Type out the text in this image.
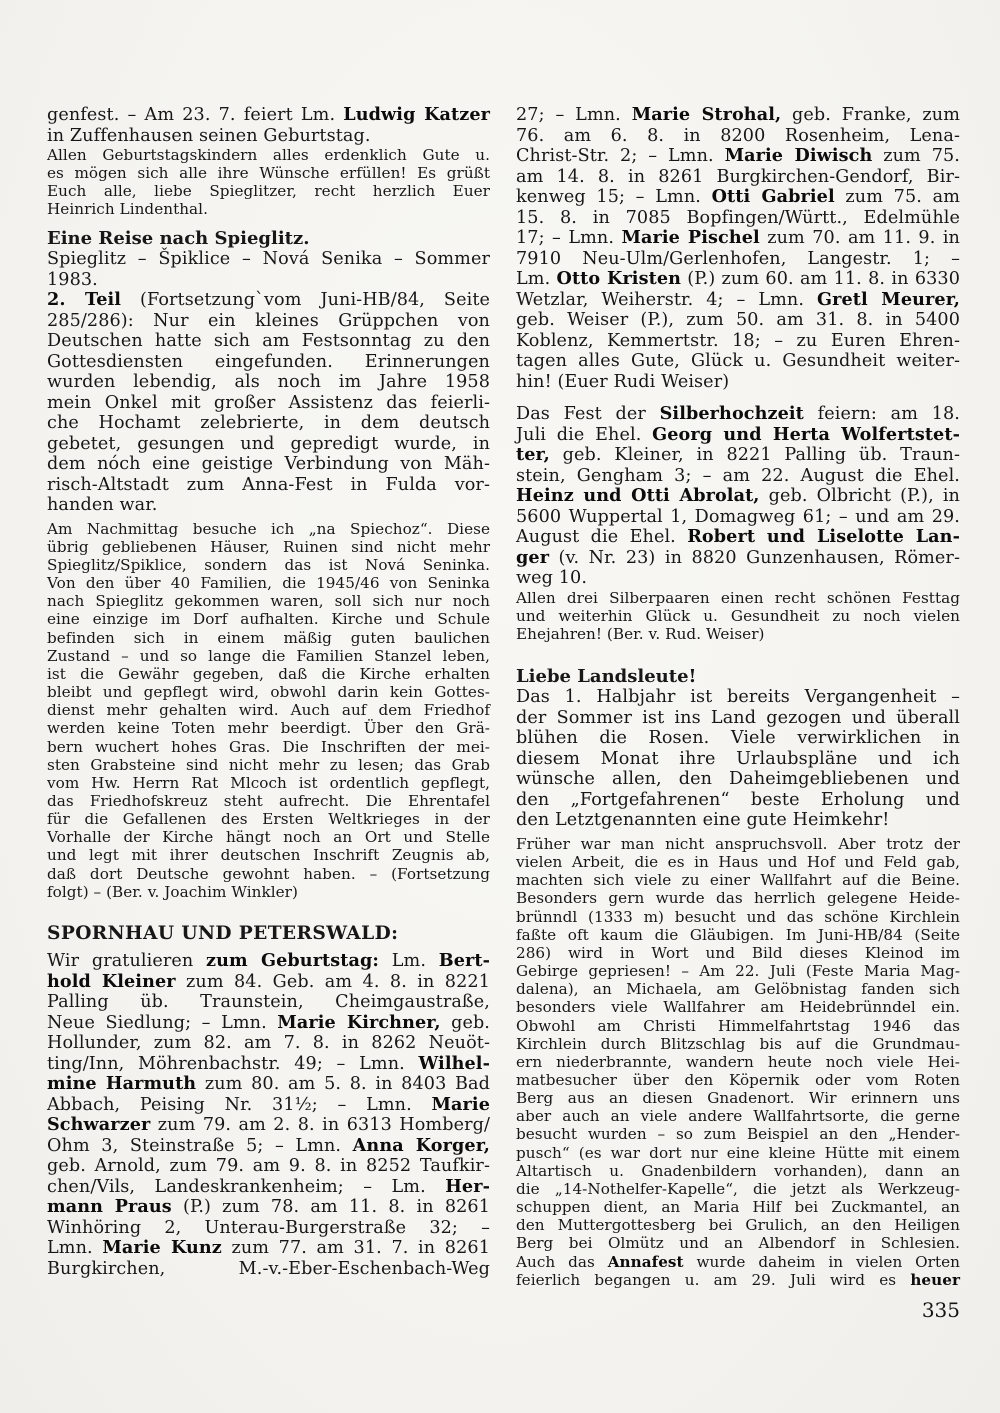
genfest. – Am 23. 7. feiert Lm. Ludwig Katzer
in Zuffenhausen seinen Geburtstag.
Allen Geburtstagskindern alles erdenklich Gute u.
es mögen sich alle ihre Wünsche erfüllen! Es grüßt
Euch alle, liebe Spieglitzer, recht herzlich Euer
Heinrich Lindenthal.
Eine Reise nach Spieglitz.
Spieglitz – Špiklice – Nová Senika – Sommer
1983.
2. Teil (Fortsetzung`vom Juni-HB/84, Seite
285/286): Nur ein kleines Grüppchen von
Deutschen hatte sich am Festsonntag zu den
Gottesdiensten eingefunden. Erinnerungen
wurden lebendig, als noch im Jahre 1958
mein Onkel mit großer Assistenz das feierli-
che Hochamt zelebrierte, in dem deutsch
gebetet, gesungen und gepredigt wurde, in
dem nóch eine geistige Verbindung von Mäh-
risch-Altstadt zum Anna-Fest in Fulda vor-
handen war.
Am Nachmittag besuche ich „na Spiechoz“. Diese
übrig gebliebenen Häuser, Ruinen sind nicht mehr
Spieglitz/Spiklice, sondern das ist Nová Seninka.
Von den über 40 Familien, die 1945/46 von Seninka
nach Spieglitz gekommen waren, soll sich nur noch
eine einzige im Dorf aufhalten. Kirche und Schule
befinden sich in einem mäßig guten baulichen
Zustand – und so lange die Familien Stanzel leben,
ist die Gewähr gegeben, daß die Kirche erhalten
bleibt und gepflegt wird, obwohl darin kein Gottes-
dienst mehr gehalten wird. Auch auf dem Friedhof
werden keine Toten mehr beerdigt. Über den Grä-
bern wuchert hohes Gras. Die Inschriften der mei-
sten Grabsteine sind nicht mehr zu lesen; das Grab
vom Hw. Herrn Rat Mlcoch ist ordentlich gepflegt,
das Friedhofskreuz steht aufrecht. Die Ehrentafel
für die Gefallenen des Ersten Weltkrieges in der
Vorhalle der Kirche hängt noch an Ort und Stelle
und legt mit ihrer deutschen Inschrift Zeugnis ab,
daß dort Deutsche gewohnt haben. – (Fortsetzung
folgt) – (Ber. v. Joachim Winkler)
SPORNHAU UND PETERSWALD:
Wir gratulieren zum Geburtstag: Lm. Bert-
hold Kleiner zum 84. Geb. am 4. 8. in 8221
Palling üb. Traunstein, Cheimgaustraße,
Neue Siedlung; – Lmn. Marie Kirchner, geb.
Hollunder, zum 82. am 7. 8. in 8262 Neuöt-
ting/Inn, Möhrenbachstr. 49; – Lmn. Wilhel-
mine Harmuth zum 80. am 5. 8. in 8403 Bad
Abbach, Peising Nr. 31½; – Lmn. Marie
Schwarzer zum 79. am 2. 8. in 6313 Homberg/
Ohm 3, Steinstraße 5; – Lmn. Anna Korger,
geb. Arnold, zum 79. am 9. 8. in 8252 Taufkir-
chen/Vils, Landeskrankenheim; – Lm. Her-
mann Praus (P.) zum 78. am 11. 8. in 8261
Winhöring 2, Unterau-Burgerstraße 32; –
Lmn. Marie Kunz zum 77. am 31. 7. in 8261
Burgkirchen, M.-v.-Eber-Eschenbach-Weg
27; – Lmn. Marie Strohal, geb. Franke, zum
76. am 6. 8. in 8200 Rosenheim, Lena-
Christ-Str. 2; – Lmn. Marie Diwisch zum 75.
am 14. 8. in 8261 Burgkirchen-Gendorf, Bir-
kenweg 15; – Lmn. Otti Gabriel zum 75. am
15. 8. in 7085 Bopfingen/Württ., Edelmühle
17; – Lmn. Marie Pischel zum 70. am 11. 9. in
7910 Neu-Ulm/Gerlenhofen, Langestr. 1; –
Lm. Otto Kristen (P.) zum 60. am 11. 8. in 6330
Wetzlar, Weiherstr. 4; – Lmn. Gretl Meurer,
geb. Weiser (P.), zum 50. am 31. 8. in 5400
Koblenz, Kemmertstr. 18; – zu Euren Ehren-
tagen alles Gute, Glück u. Gesundheit weiter-
hin! (Euer Rudi Weiser)
Das Fest der Silberhochzeit feiern: am 18.
Juli die Ehel. Georg und Herta Wolfertstet-
ter, geb. Kleiner, in 8221 Palling üb. Traun-
stein, Gengham 3; – am 22. August die Ehel.
Heinz und Otti Abrolat, geb. Olbricht (P.), in
5600 Wuppertal 1, Domagweg 61; – und am 29.
August die Ehel. Robert und Liselotte Lan-
ger (v. Nr. 23) in 8820 Gunzenhausen, Römer-
weg 10.
Allen drei Silberpaaren einen recht schönen Festtag
und weiterhin Glück u. Gesundheit zu noch vielen
Ehejahren! (Ber. v. Rud. Weiser)
Liebe Landsleute!
Das 1. Halbjahr ist bereits Vergangenheit –
der Sommer ist ins Land gezogen und überall
blühen die Rosen. Viele verwirklichen in
diesem Monat ihre Urlaubspläne und ich
wünsche allen, den Daheimgebliebenen und
den „Fortgefahrenen“ beste Erholung und
den Letztgenannten eine gute Heimkehr!
Früher war man nicht anspruchsvoll. Aber trotz der
vielen Arbeit, die es in Haus und Hof und Feld gab,
machten sich viele zu einer Wallfahrt auf die Beine.
Besonders gern wurde das herrlich gelegene Heide-
brünndl (1333 m) besucht und das schöne Kirchlein
faßte oft kaum die Gläubigen. Im Juni-HB/84 (Seite
286) wird in Wort und Bild dieses Kleinod im
Gebirge gepriesen! – Am 22. Juli (Feste Maria Mag-
dalena), an Michaela, am Gelöbnistag fanden sich
besonders viele Wallfahrer am Heidebrünndel ein.
Obwohl am Christi Himmelfahrtstag 1946 das
Kirchlein durch Blitzschlag bis auf die Grundmau-
ern niederbrannte, wandern heute noch viele Hei-
matbesucher über den Köpernik oder vom Roten
Berg aus an diesen Gnadenort. Wir erinnern uns
aber auch an viele andere Wallfahrtsorte, die gerne
besucht wurden – so zum Beispiel an den „Hender-
pusch“ (es war dort nur eine kleine Hütte mit einem
Altartisch u. Gnadenbildern vorhanden), dann an
die „14-Nothelfer-Kapelle“, die jetzt als Werkzeug-
schuppen dient, an Maria Hilf bei Zuckmantel, an
den Muttergottesberg bei Grulich, an den Heiligen
Berg bei Olmütz und an Albendorf in Schlesien.
Auch das Annafest wurde daheim in vielen Orten
feierlich begangen u. am 29. Juli wird es heuer
335
